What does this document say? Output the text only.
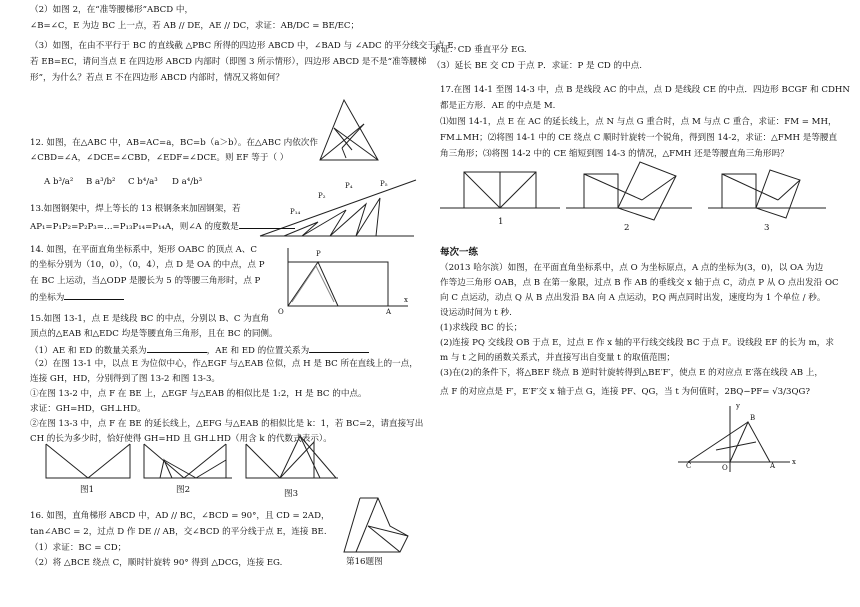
（2）如图 2，在“准等腰梯形”ABCD 中，
∠B=∠C，E 为边 BC 上一点，若 AB // DE，AE // DC，求证：AB/DC = BE/EC；
（3）如图，在由不平行于 BC 的直线截 △PBC 所得的四边形 ABCD 中，∠BAD 与 ∠ADC 的平分线交于点 E，
若 EB=EC，请问当点 E 在四边形 ABCD 内部时（即图 3 所示情形），四边形 ABCD 是不是“准等腰梯
形”，为什么？若点 E 不在四边形 ABCD 内部时，情况又将如何？
12. 如图，在△ABC 中，AB=AC=a，BC=b（a＞b）。在△ABC 内依次作
∠CBD=∠A，∠DCE=∠CBD，∠EDF=∠DCE。则 EF 等于（ ）
A b³/a² B a³/b² C b⁴/a³ D a⁴/b³
P₂
P₄	P₅
P₁₄
13.如图钢架中，焊上等长的 13 根钢条来加固钢架，若
AP₁=P₁P₂=P₂P₃=…=P₁₃P₁₄=P₁₄A，则∠A 的度数是
O
P
A
x
14. 如图，在平面直角坐标系中，矩形 OABC 的顶点 A、C
的坐标分别为（10，0），（0，4），点 D 是 OA 的中点，点 P
在 BC 上运动，当△ODP 是腰长为 5 的等腰三角形时，点 P
的坐标为
15.如图 13-1，点 E 是线段 BC 的中点，分别以 B、C 为直角
顶点的△EAB 和△EDC 均是等腰直角三角形，且在 BC 的同侧。
（1）AE 和 ED 的数量关系为	，AE 和 ED 的位置关系为
（2）在图 13-1 中，以点 E 为位似中心，作△EGF 与△EAB 位似，点 H 是 BC 所在直线上的一点，
连接 GH，HD，分别得到了图 13-2 和图 13-3。
①在图 13-2 中，点 F 在 BE 上，△EGF 与△EAB 的相似比是 1:2，H 是 BC 的中点。
求证：GH=HD，GH⊥HD。
②在图 13-3 中，点 F 在 BE 的延长线上，△EFG 与△EAB 的相似比是 k：1，若 BC=2，请直接写出
CH 的长为多少时，恰好使得 GH=HD 且 GH⊥HD（用含 k 的代数式表示）。
图1	图2	图3
第16题图
16. 如图，直角梯形 ABCD 中，AD // BC，∠BCD = 90°，且 CD = 2AD，
tan∠ABC = 2，过点 D 作 DE // AB，交∠BCD 的平分线于点 E，连接 BE.
（1）求证：BC = CD；
（2）将 △BCE 绕点 C，顺时针旋转 90° 得到 △DCG，连接 EG.
求证：CD 垂直平分 EG.
（3）延长 BE 交 CD 于点 P．求证：P 是 CD 的中点.
17.在图 14-1 至图 14-3 中，点 B 是线段 AC 的中点，点 D 是线段 CE 的中点．四边形 BCGF 和 CDHN
都是正方形．AE 的中点是 M.
⑴如图 14-1，点 E 在 AC 的延长线上，点 N 与点 G 重合时，点 M 与点 C 重合，求证：FM = MH，
FM⊥MH；⑵将图 14-1 中的 CE 绕点 C 顺时针旋转一个锐角，得到图 14-2，求证：△FMH 是等腰直
角三角形；⑶将图 14-2 中的 CE 缩短到图 14-3 的情况，△FMH 还是等腰直角三角形吗？
1
2	3
每次一练
（2013 哈尔滨）如图，在平面直角坐标系中，点 O 为坐标原点，A 点的坐标为(3，0)，以 OA 为边
作等边三角形 OAB，点 B 在第一象限，过点 B 作 AB 的垂线交 x 轴于点 C，动点 P 从 O 点出发沿 OC
向 C 点运动，动点 Q 从 B 点出发沿 BA 向 A 点运动，P,Q 两点同时出发，速度均为 1 个单位 / 秒。
设运动时间为 t 秒.
(1)求线段 BC 的长；
(2)连接 PQ 交线段 OB 于点 E，过点 E 作 x 轴的平行线交线段 BC 于点 F。设线段 EF 的长为 m，求
m 与 t 之间的函数关系式，并直接写出自变量 t 的取值范围；
(3)在(2)的条件下，将△BEF 绕点 B 逆时针旋转得到△BE′F′，使点 E 的对应点 E′落在线段 AB 上，
点 F 的对应点是 F′，E′F′交 x 轴于点 G，连接 PF、QG，当 t 为何值时，2BQ−PF= √3/3QG?
y
B
C	O	A x
